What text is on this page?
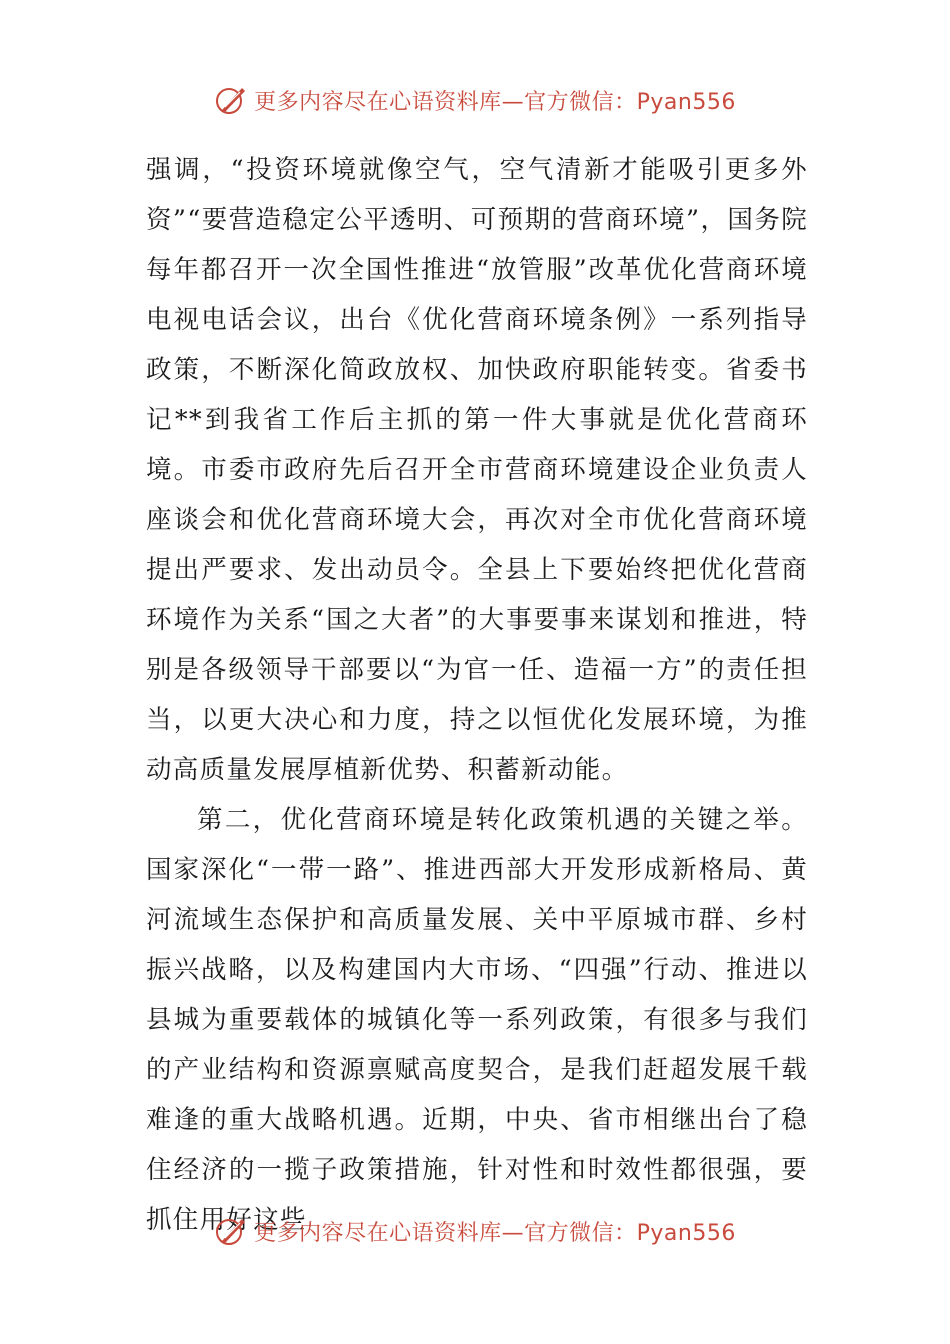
更多内容尽在心语资料库—官方微信：Pyan556

强调，“投资环境就像空气，空气清新才能吸引更多外资”“要营造稳定公平透明、可预期的营商环境”，国务院每年都召开一次全国性推进“放管服”改革优化营商环境电视电话会议，出台《优化营商环境条例》一系列指导政策，不断深化简政放权、加快政府职能转变。省委书记**到我省工作后主抓的第一件大事就是优化营商环境。市委市政府先后召开全市营商环境建设企业负责人座谈会和优化营商环境大会，再次对全市优化营商环境提出严要求、发出动员令。全县上下要始终把优化营商环境作为关系“国之大者”的大事要事来谋划和推进，特别是各级领导干部要以“为官一任、造福一方”的责任担当，以更大决心和力度，持之以恒优化发展环境，为推动高质量发展厚植新优势、积蓄新动能。

第二，优化营商环境是转化政策机遇的关键之举。国家深化“一带一路”、推进西部大开发形成新格局、黄河流域生态保护和高质量发展、关中平原城市群、乡村振兴战略，以及构建国内大市场、“四强”行动、推进以县城为重要载体的城镇化等一系列政策，有很多与我们的产业结构和资源禀赋高度契合，是我们赶超发展千载难逢的重大战略机遇。近期，中央、省市相继出台了稳住经济的一揽子政策措施，针对性和时效性都很强，要抓住用好这些

更多内容尽在心语资料库—官方微信：Pyan556
